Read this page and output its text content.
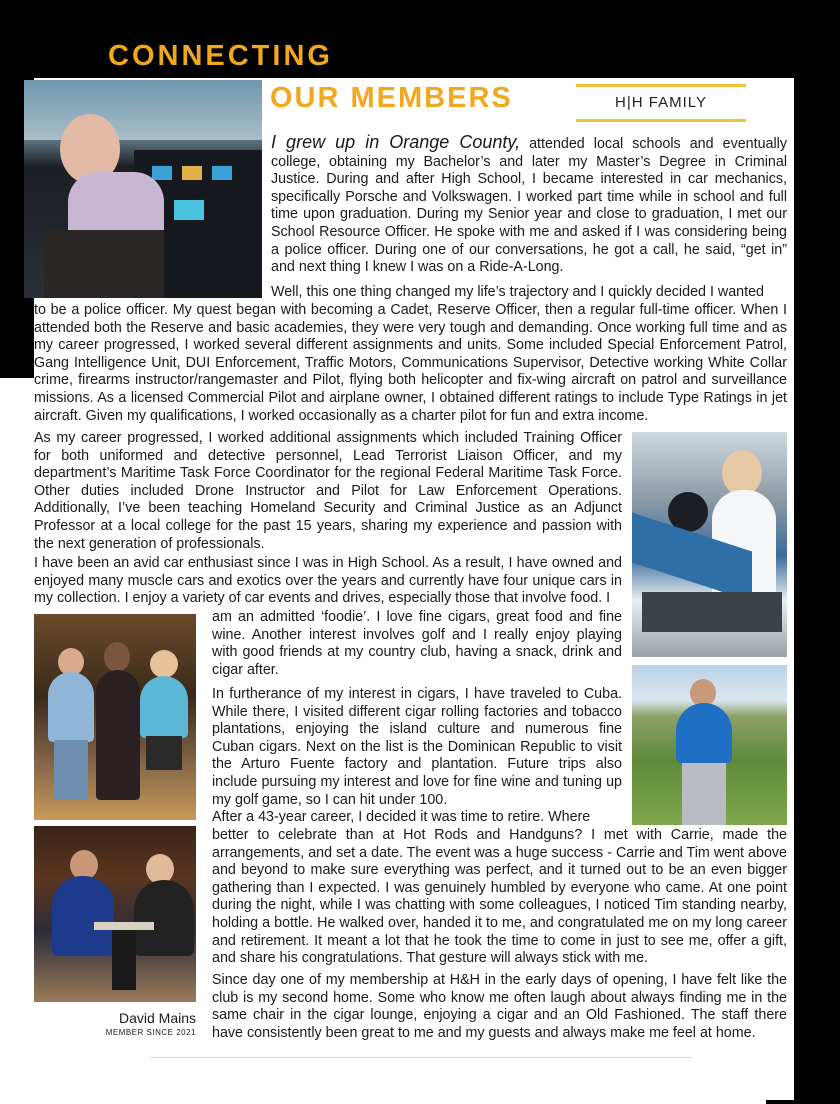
CONNECTING
OUR MEMBERS	H|H FAMILY

I grew up in Orange County, attended local schools and eventually college, obtaining my Bachelor’s and later my Master’s Degree in Criminal Justice. During and after High School, I became interested in car mechanics, specifically Porsche and Volkswagen. I worked part time while in school and full time upon graduation. During my Senior year and close to graduation, I met our School Resource Officer. He spoke with me and asked if I was considering being a police officer. During one of our conversations, he got a call, he said, “get in” and next thing I knew I was on a Ride-A-Long.

Well, this one thing changed my life’s trajectory and I quickly decided I wanted
to be a police officer. My quest began with becoming a Cadet, Reserve Officer, then a regular full-time officer. When I attended both the Reserve and basic academies, they were very tough and demanding. Once working full time and as my career progressed, I worked several different assignments and units. Some included Special Enforcement Patrol, Gang Intelligence Unit, DUI Enforcement, Traffic Motors, Communications Supervisor, Detective working White Collar crime, firearms instructor/rangemaster and Pilot, flying both helicopter and fix-wing aircraft on patrol and surveillance missions. As a licensed Commercial Pilot and airplane owner, I obtained different ratings to include Type Ratings in jet aircraft. Given my qualifications, I worked occasionally as a charter pilot for fun and extra income.
As my career progressed, I worked additional assignments which included Training Officer for both uniformed and detective personnel, Lead Terrorist Liaison Officer, and my department’s Maritime Task Force Coordinator for the regional Federal Maritime Task Force. Other duties included Drone Instructor and Pilot for Law Enforcement Operations. Additionally, I’ve been teaching Homeland Security and Criminal Justice as an Adjunct Professor at a local college for the past 15 years, sharing my experience and passion with the next generation of professionals.
I have been an avid car enthusiast since I was in High School. As a result, I have owned and enjoyed many muscle cars and exotics over the years and currently have four unique cars in my collection. I enjoy a variety of car events and drives, especially those that involve food. I
am an admitted ‘foodie’. I love fine cigars, great food and fine wine. Another interest involves golf and I really enjoy playing with good friends at my country club, having a snack, drink and cigar after.
In furtherance of my interest in cigars, I have traveled to Cuba. While there, I visited different cigar rolling factories and tobacco plantations, enjoying the island culture and numerous fine Cuban cigars. Next on the list is the Dominican Republic to visit the Arturo Fuente factory and plantation. Future trips also include pursuing my interest and love for fine wine and tuning up my golf game, so I can hit under 100.
After a 43-year career, I decided it was time to retire. Where
better to celebrate than at Hot Rods and Handguns? I met with Carrie, made the arrangements, and set a date. The event was a huge success - Carrie and Tim went above and beyond to make sure everything was perfect, and it turned out to be an even bigger gathering than I expected. I was genuinely humbled by everyone who came. At one point during the night, while I was chatting with some colleagues, I noticed Tim standing nearby, holding a bottle. He walked over, handed it to me, and congratulated me on my long career and retirement. It meant a lot that he took the time to come in just to see me, offer a gift, and share his congratulations. That gesture will always stick with me.
Since day one of my membership at H&H in the early days of opening, I have felt like the club is my second home. Some who know me often laugh about always finding me in the same chair in the cigar lounge, enjoying a cigar and an Old Fashioned. The staff there have consistently been great to me and my guests and always make me feel at home.
David Mains
MEMBER SINCE 2021
